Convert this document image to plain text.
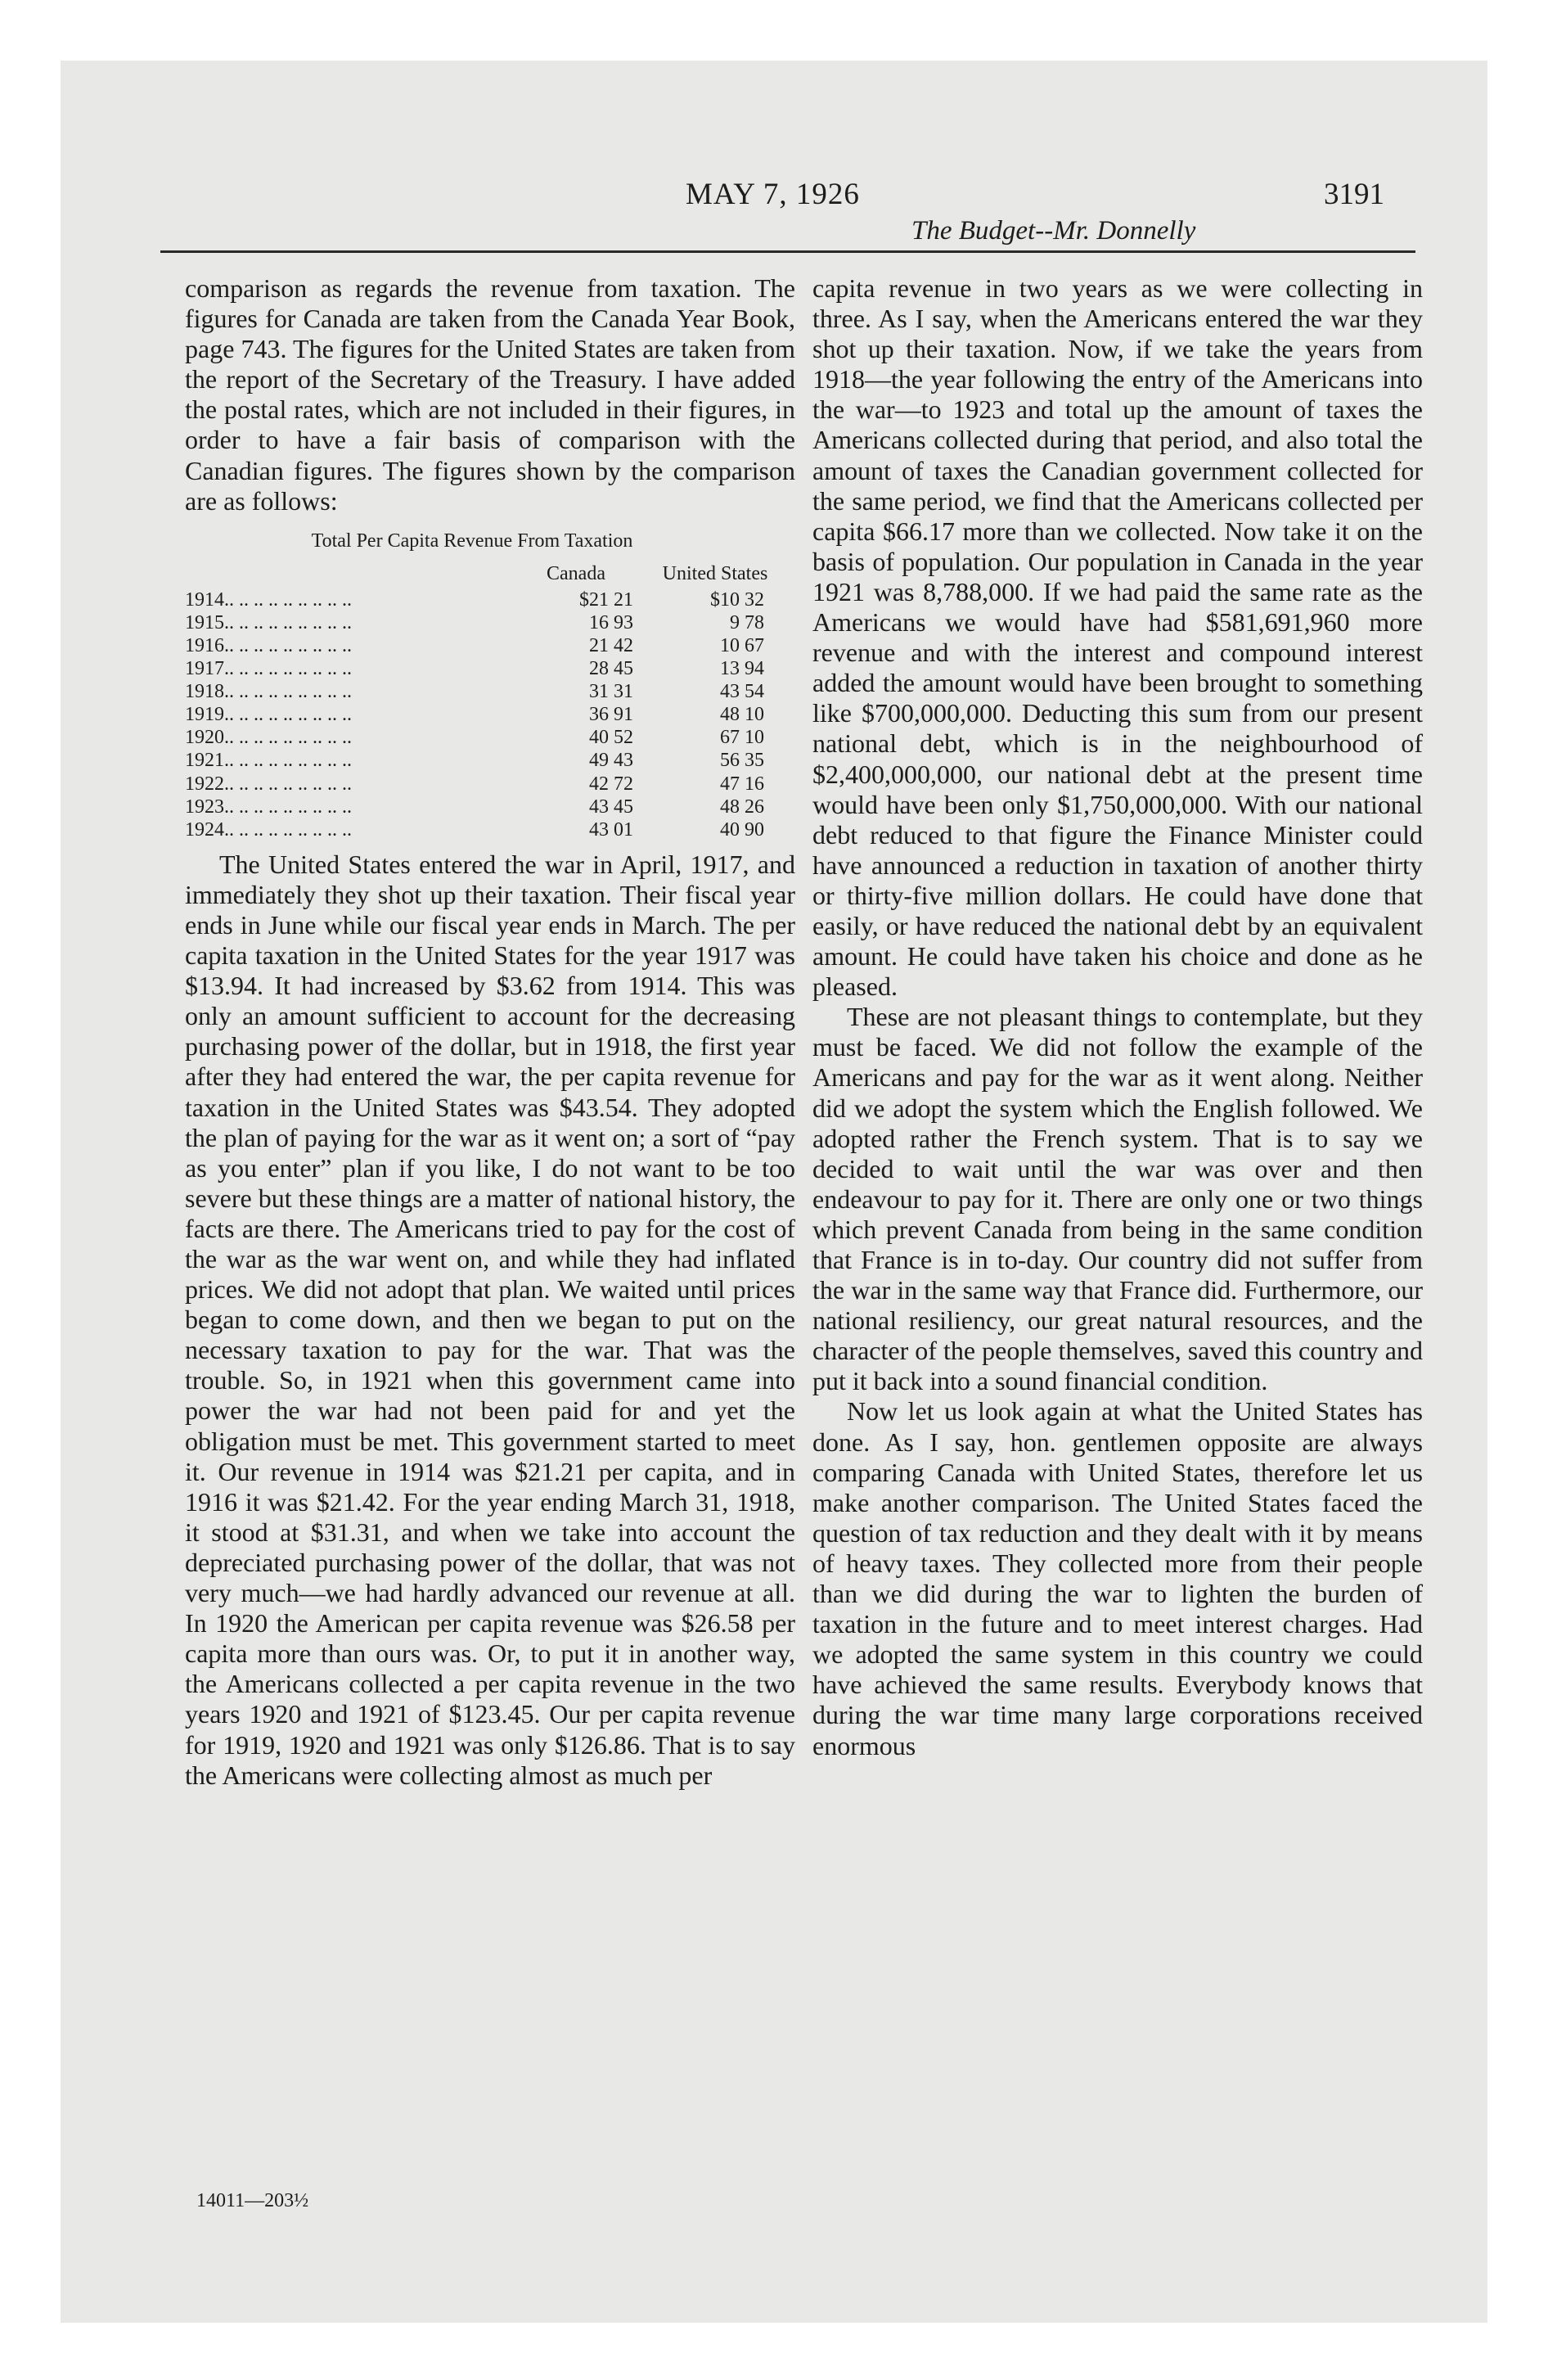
MAY 7, 1926
The Budget--Mr. Donnelly
3191

comparison as regards the revenue from taxation. The figures for Canada are taken from the Canada Year Book, page 743. The figures for the United States are taken from the report of the Secretary of the Treasury. I have added the postal rates, which are not included in their figures, in order to have a fair basis of comparison with the Canadian figures. The figures shown by the comparison are as follows:

Total Per Capita Revenue From Taxation
Canada	United States
1914.. .. .. .. .. .. .. .. ..	$21 21	$10 32
1915.. .. .. .. .. .. .. .. ..	16 93	9 78
1916.. .. .. .. .. .. .. .. ..	21 42	10 67
1917.. .. .. .. .. .. .. .. ..	28 45	13 94
1918.. .. .. .. .. .. .. .. ..	31 31	43 54
1919.. .. .. .. .. .. .. .. ..	36 91	48 10
1920.. .. .. .. .. .. .. .. ..	40 52	67 10
1921.. .. .. .. .. .. .. .. ..	49 43	56 35
1922.. .. .. .. .. .. .. .. ..	42 72	47 16
1923.. .. .. .. .. .. .. .. ..	43 45	48 26
1924.. .. .. .. .. .. .. .. ..	43 01	40 90

The United States entered the war in April, 1917, and immediately they shot up their taxation. Their fiscal year ends in June while our fiscal year ends in March. The per capita taxation in the United States for the year 1917 was $13.94. It had increased by $3.62 from 1914. This was only an amount sufficient to account for the decreasing purchasing power of the dollar, but in 1918, the first year after they had entered the war, the per capita revenue for taxation in the United States was $43.54. They adopted the plan of paying for the war as it went on; a sort of “pay as you enter” plan if you like, I do not want to be too severe but these things are a matter of national history, the facts are there. The Americans tried to pay for the cost of the war as the war went on, and while they had inflated prices. We did not adopt that plan. We waited until prices began to come down, and then we began to put on the necessary taxation to pay for the war. That was the trouble. So, in 1921 when this government came into power the war had not been paid for and yet the obligation must be met. This government started to meet it. Our revenue in 1914 was $21.21 per capita, and in 1916 it was $21.42. For the year ending March 31, 1918, it stood at $31.31, and when we take into account the depreciated purchasing power of the dollar, that was not very much—we had hardly advanced our revenue at all. In 1920 the American per capita revenue was $26.58 per capita more than ours was. Or, to put it in another way, the Americans collected a per capita revenue in the two years 1920 and 1921 of $123.45. Our per capita revenue for 1919, 1920 and 1921 was only $126.86. That is to say the Americans were collecting almost as much per

capita revenue in two years as we were collecting in three. As I say, when the Americans entered the war they shot up their taxation. Now, if we take the years from 1918—the year following the entry of the Americans into the war—to 1923 and total up the amount of taxes the Americans collected during that period, and also total the amount of taxes the Canadian government collected for the same period, we find that the Americans collected per capita $66.17 more than we collected. Now take it on the basis of population. Our population in Canada in the year 1921 was 8,788,000. If we had paid the same rate as the Americans we would have had $581,691,960 more revenue and with the interest and compound interest added the amount would have been brought to something like $700,000,000. Deducting this sum from our present national debt, which is in the neighbourhood of $2,400,000,000, our national debt at the present time would have been only $1,750,000,000. With our national debt reduced to that figure the Finance Minister could have announced a reduction in taxation of another thirty or thirty-five million dollars. He could have done that easily, or have reduced the national debt by an equivalent amount. He could have taken his choice and done as he pleased.

These are not pleasant things to contemplate, but they must be faced. We did not follow the example of the Americans and pay for the war as it went along. Neither did we adopt the system which the English followed. We adopted rather the French system. That is to say we decided to wait until the war was over and then endeavour to pay for it. There are only one or two things which prevent Canada from being in the same condition that France is in to-day. Our country did not suffer from the war in the same way that France did. Furthermore, our national resiliency, our great natural resources, and the character of the people themselves, saved this country and put it back into a sound financial condition.

Now let us look again at what the United States has done. As I say, hon. gentlemen opposite are always comparing Canada with United States, therefore let us make another comparison. The United States faced the question of tax reduction and they dealt with it by means of heavy taxes. They collected more from their people than we did during the war to lighten the burden of taxation in the future and to meet interest charges. Had we adopted the same system in this country we could have achieved the same results. Everybody knows that during the war time many large corporations received enormous

14011—203½
